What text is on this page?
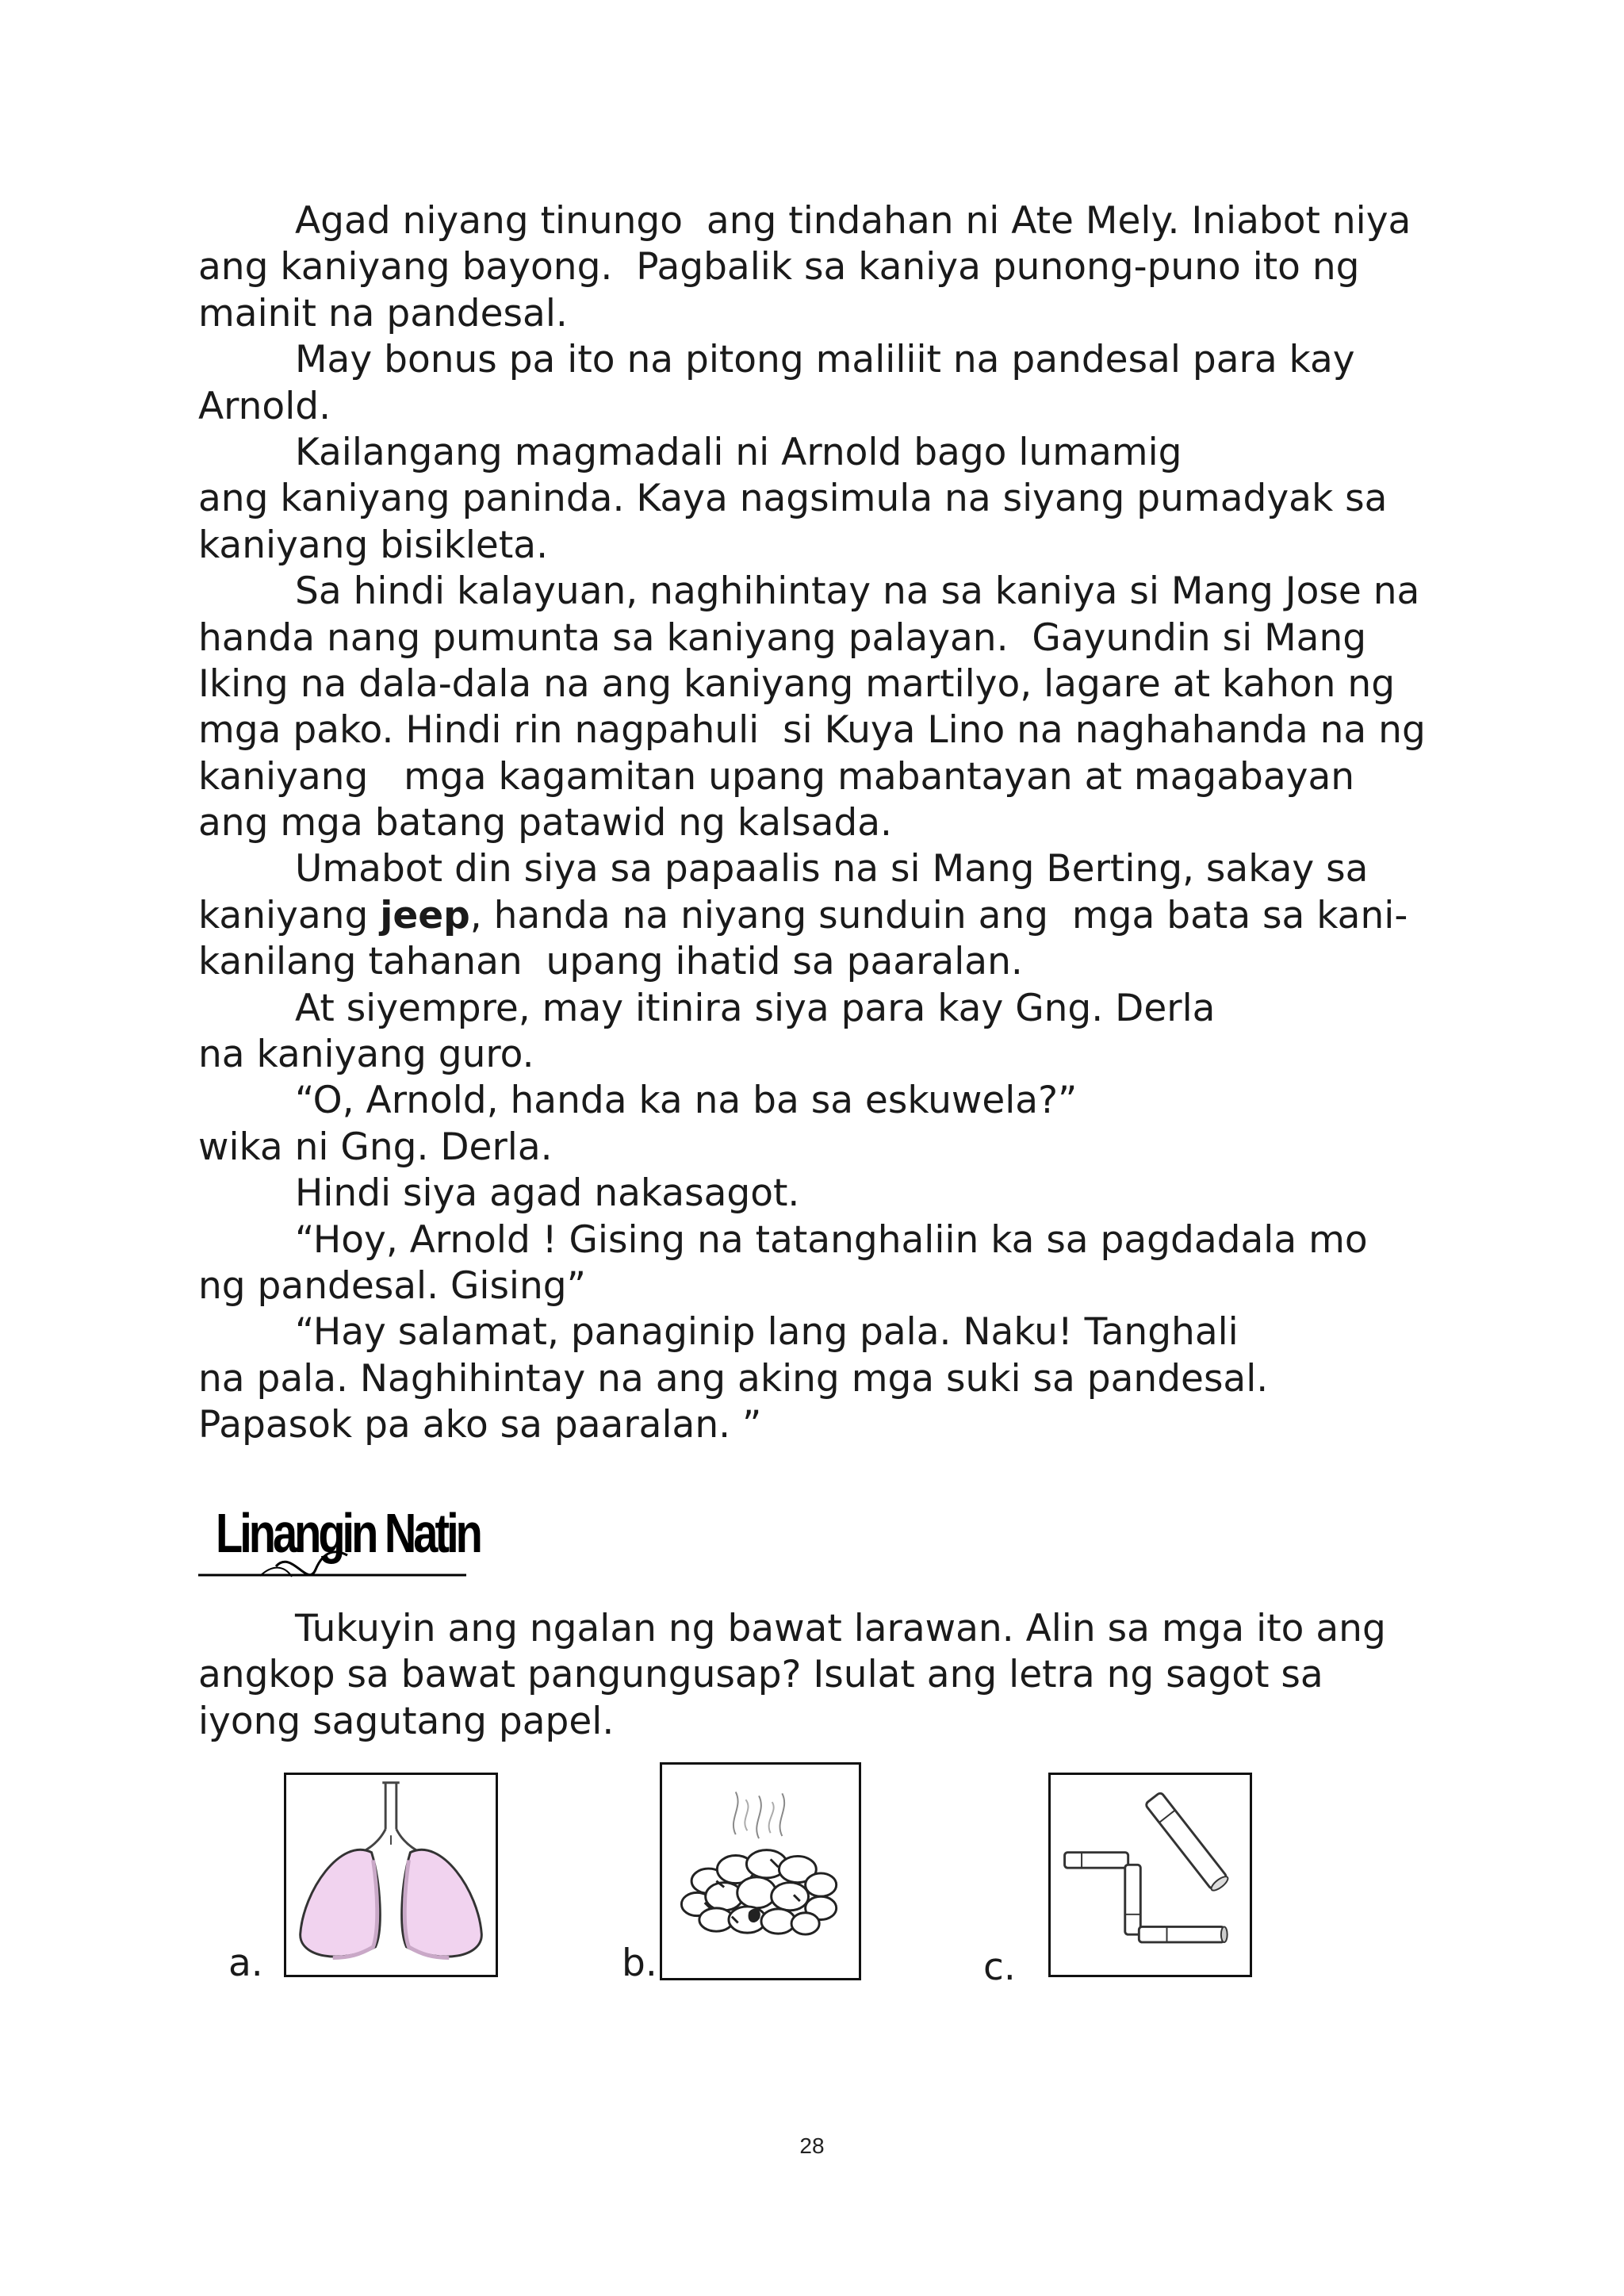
Agad niyang tinungo  ang tindahan ni Ate Mely. Iniabot niya
ang kaniyang bayong.  Pagbalik sa kaniya punong-puno ito ng
mainit na pandesal.
May bonus pa ito na pitong maliliit na pandesal para kay
Arnold.
Kailangang magmadali ni Arnold bago lumamig
ang kaniyang paninda. Kaya nagsimula na siyang pumadyak sa
kaniyang bisikleta.
Sa hindi kalayuan, naghihintay na sa kaniya si Mang Jose na
handa nang pumunta sa kaniyang palayan.  Gayundin si Mang
Iking na dala-dala na ang kaniyang martilyo, lagare at kahon ng
mga pako. Hindi rin nagpahuli  si Kuya Lino na naghahanda na ng
kaniyang   mga kagamitan upang mabantayan at magabayan
ang mga batang patawid ng kalsada.
Umabot din siya sa papaalis na si Mang Berting, sakay sa
kaniyang jeep, handa na niyang sunduin ang  mga bata sa kani-
kanilang tahanan  upang ihatid sa paaralan.
At siyempre, may itinira siya para kay Gng. Derla
na kaniyang guro.
“O, Arnold, handa ka na ba sa eskuwela?”
wika ni Gng. Derla.
Hindi siya agad nakasagot.
“Hoy, Arnold ! Gising na tatanghaliin ka sa pagdadala mo
ng pandesal. Gising”
“Hay salamat, panaginip lang pala. Naku! Tanghali
na pala. Naghihintay na ang aking mga suki sa pandesal.
Papasok pa ako sa paaralan. ”
Linangin Natin
Tukuyin ang ngalan ng bawat larawan. Alin sa mga ito ang
angkop sa bawat pangungusap? Isulat ang letra ng sagot sa
iyong sagutang papel.
a.	b.	c.
28
